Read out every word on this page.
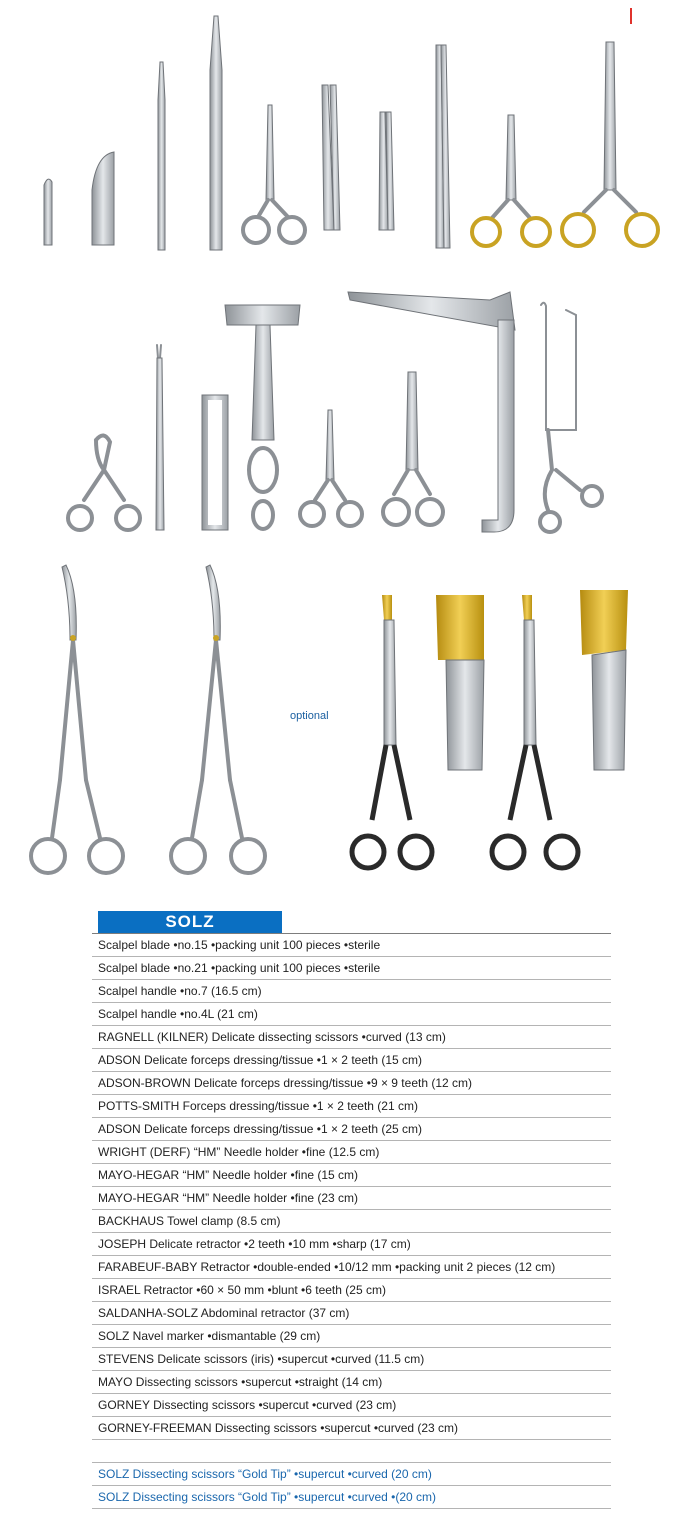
optional
SOLZ
Scalpel blade •no.15 •packing unit 100 pieces •sterile
Scalpel blade •no.21 •packing unit 100 pieces •sterile
Scalpel handle •no.7 (16.5 cm)
Scalpel handle •no.4L (21 cm)
RAGNELL (KILNER) Delicate dissecting scissors •curved (13 cm)
ADSON Delicate forceps dressing/tissue •1 × 2 teeth (15 cm)
ADSON-BROWN Delicate forceps dressing/tissue •9 × 9 teeth (12 cm)
POTTS-SMITH Forceps dressing/tissue •1 × 2 teeth (21 cm)
ADSON Delicate forceps dressing/tissue •1 × 2 teeth (25 cm)
WRIGHT (DERF) “HM” Needle holder •fine (12.5 cm)
MAYO-HEGAR “HM” Needle holder •fine (15 cm)
MAYO-HEGAR “HM” Needle holder •fine (23 cm)
BACKHAUS Towel clamp (8.5 cm)
JOSEPH Delicate retractor •2 teeth •10 mm •sharp (17 cm)
FARABEUF-BABY Retractor •double-ended •10/12 mm •packing unit 2 pieces (12 cm)
ISRAEL Retractor •60 × 50 mm •blunt •6 teeth (25 cm)
SALDANHA-SOLZ Abdominal retractor (37 cm)
SOLZ Navel marker •dismantable (29 cm)
STEVENS Delicate scissors (iris) •supercut •curved (11.5 cm)
MAYO Dissecting scissors •supercut •straight (14 cm)
GORNEY Dissecting scissors •supercut •curved (23 cm)
GORNEY-FREEMAN Dissecting scissors •supercut •curved (23 cm)

SOLZ Dissecting scissors “Gold Tip” •supercut •curved (20 cm)
SOLZ Dissecting scissors “Gold Tip” •supercut •curved •(20 cm)
